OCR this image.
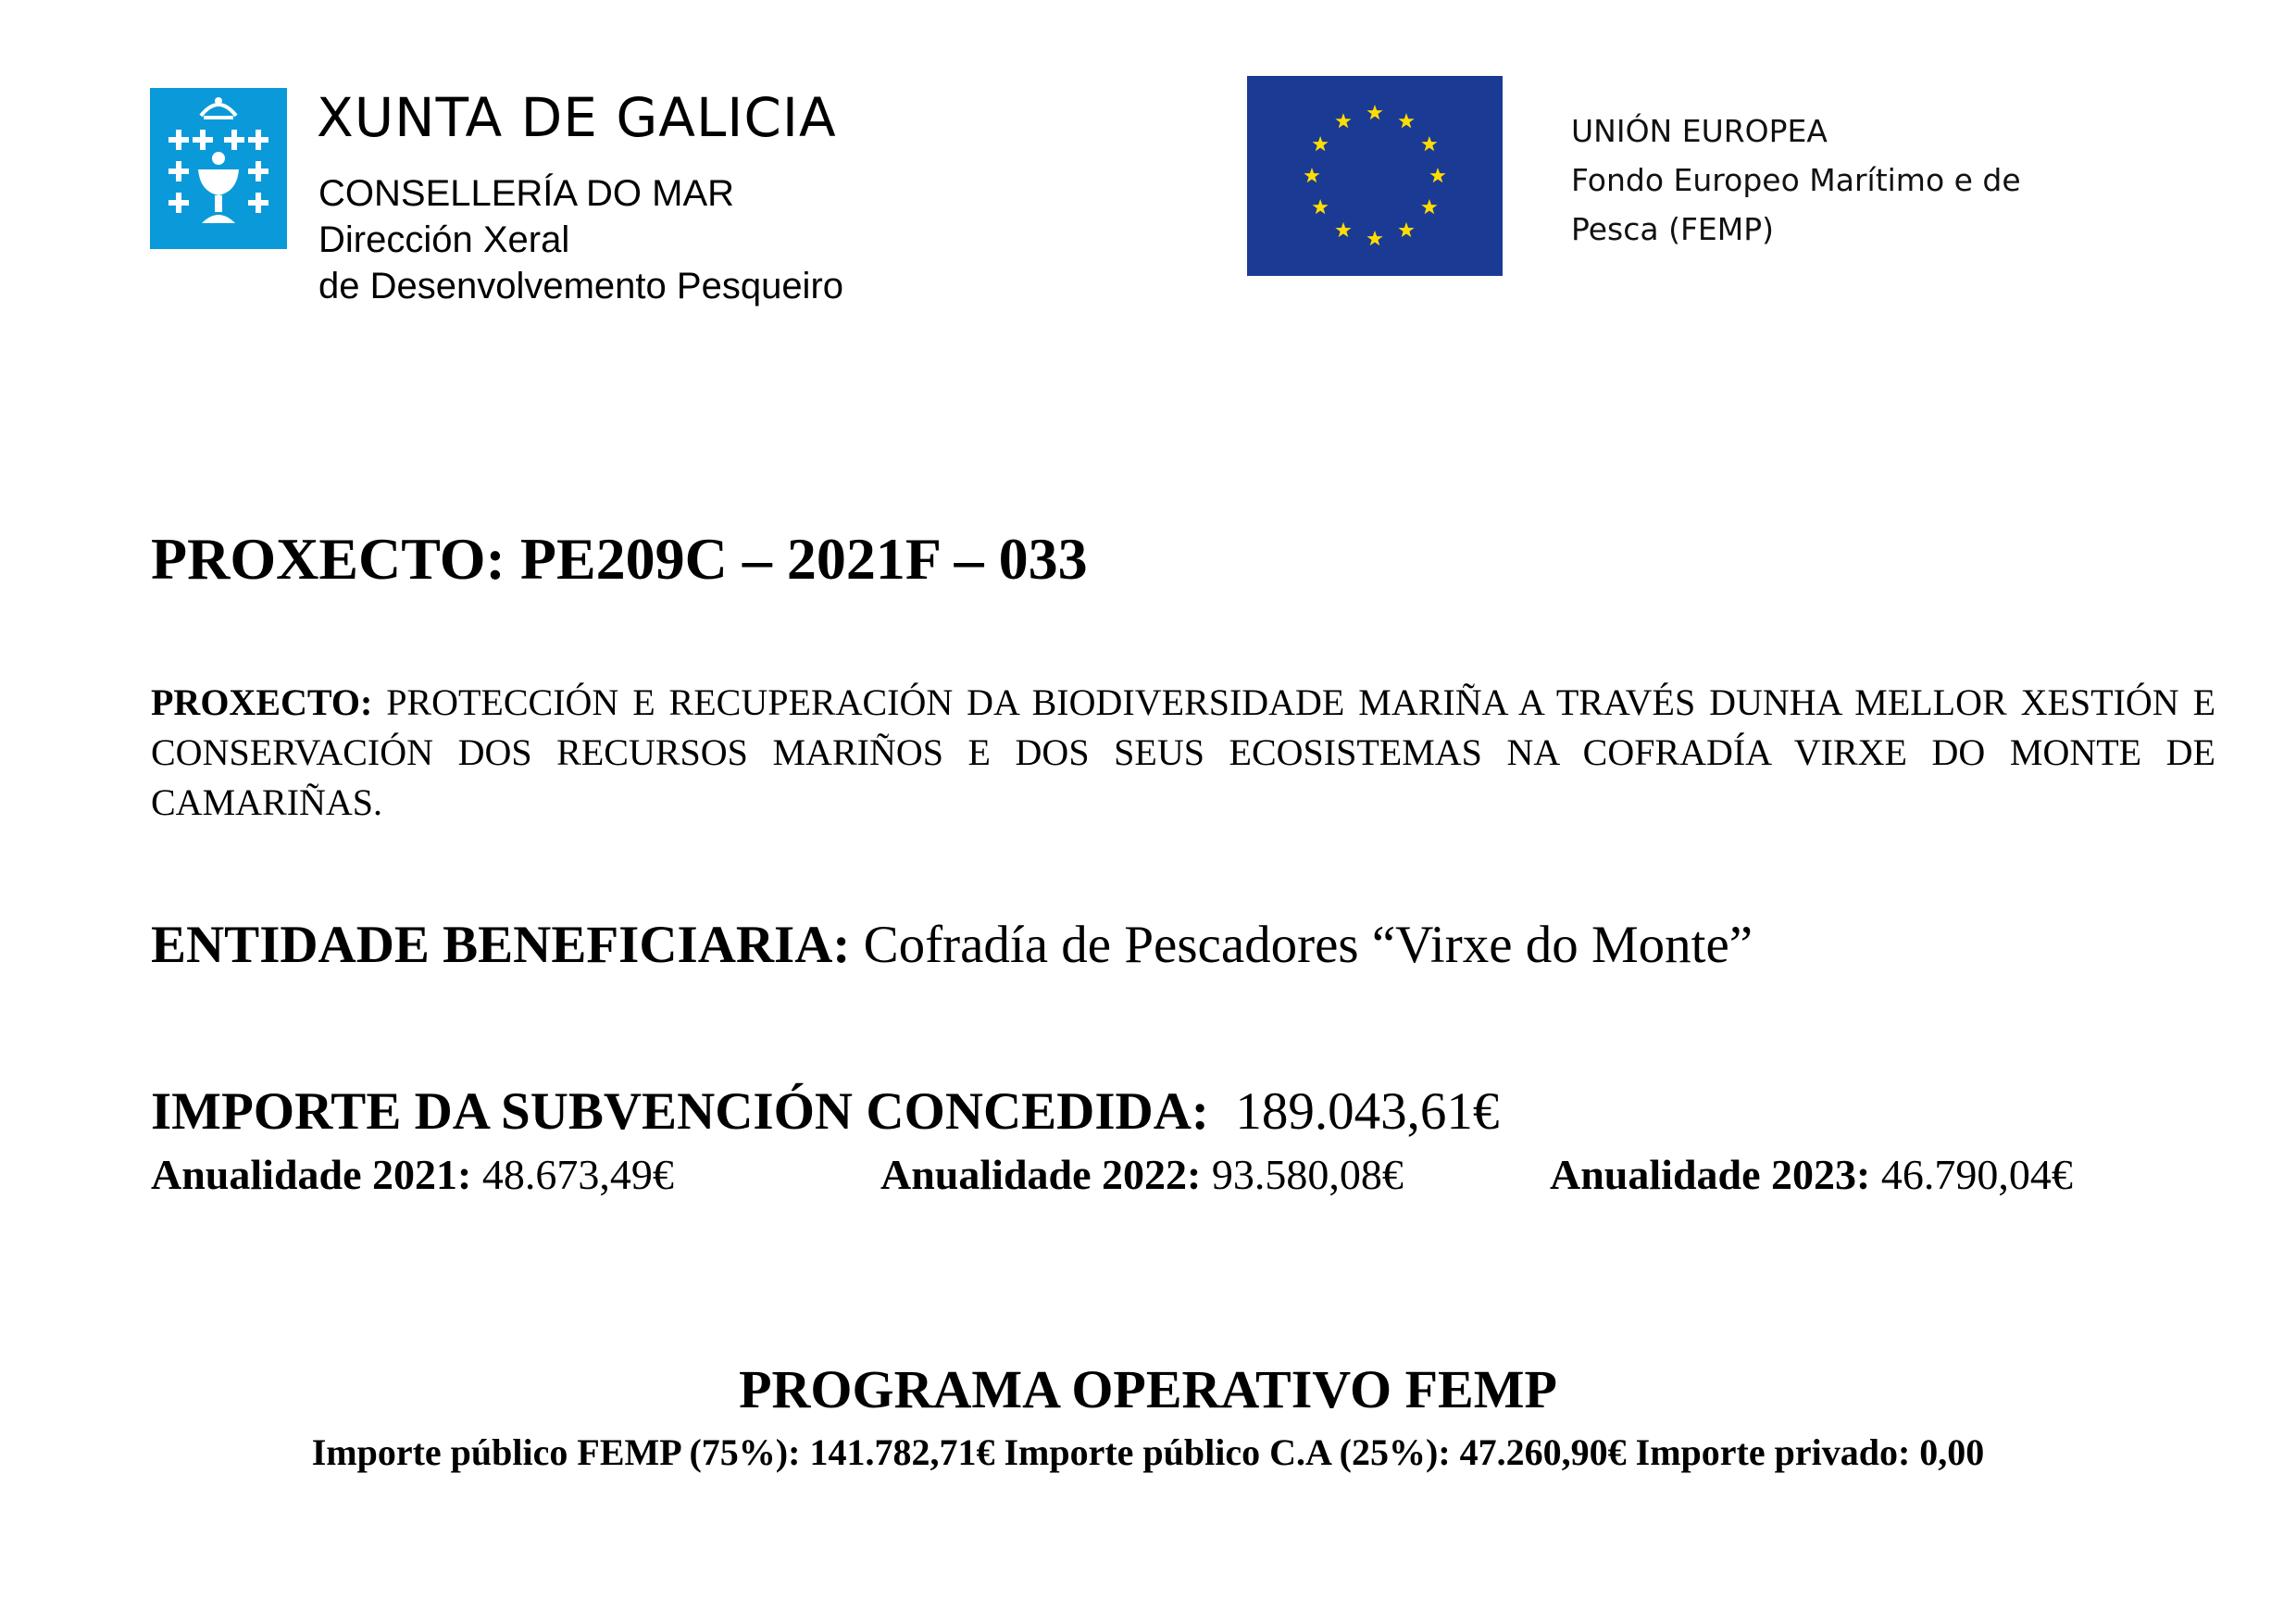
XUNTA DE GALICIA
CONSELLERÍA DO MAR
Dirección Xeral
de Desenvolvemento Pesqueiro
UNIÓN EUROPEA
Fondo Europeo Marítimo e de
Pesca (FEMP)
PROXECTO: PE209C – 2021F – 033
PROXECTO: PROTECCIÓN E RECUPERACIÓN DA BIODIVERSIDADE MARIÑA A TRAVÉS DUNHA MELLOR XESTIÓN E CONSERVACIÓN DOS RECURSOS MARIÑOS E DOS SEUS ECOSISTEMAS NA COFRADÍA VIRXE DO MONTE DE CAMARIÑAS.
ENTIDADE BENEFICIARIA: Cofradía de Pescadores “Virxe do Monte”
IMPORTE DA SUBVENCIÓN CONCEDIDA: 189.043,61€
Anualidade 2021: 48.673,49€	Anualidade 2022: 93.580,08€	Anualidade 2023: 46.790,04€
PROGRAMA OPERATIVO FEMP
Importe público FEMP (75%): 141.782,71€ Importe público C.A (25%): 47.260,90€ Importe privado: 0,00
